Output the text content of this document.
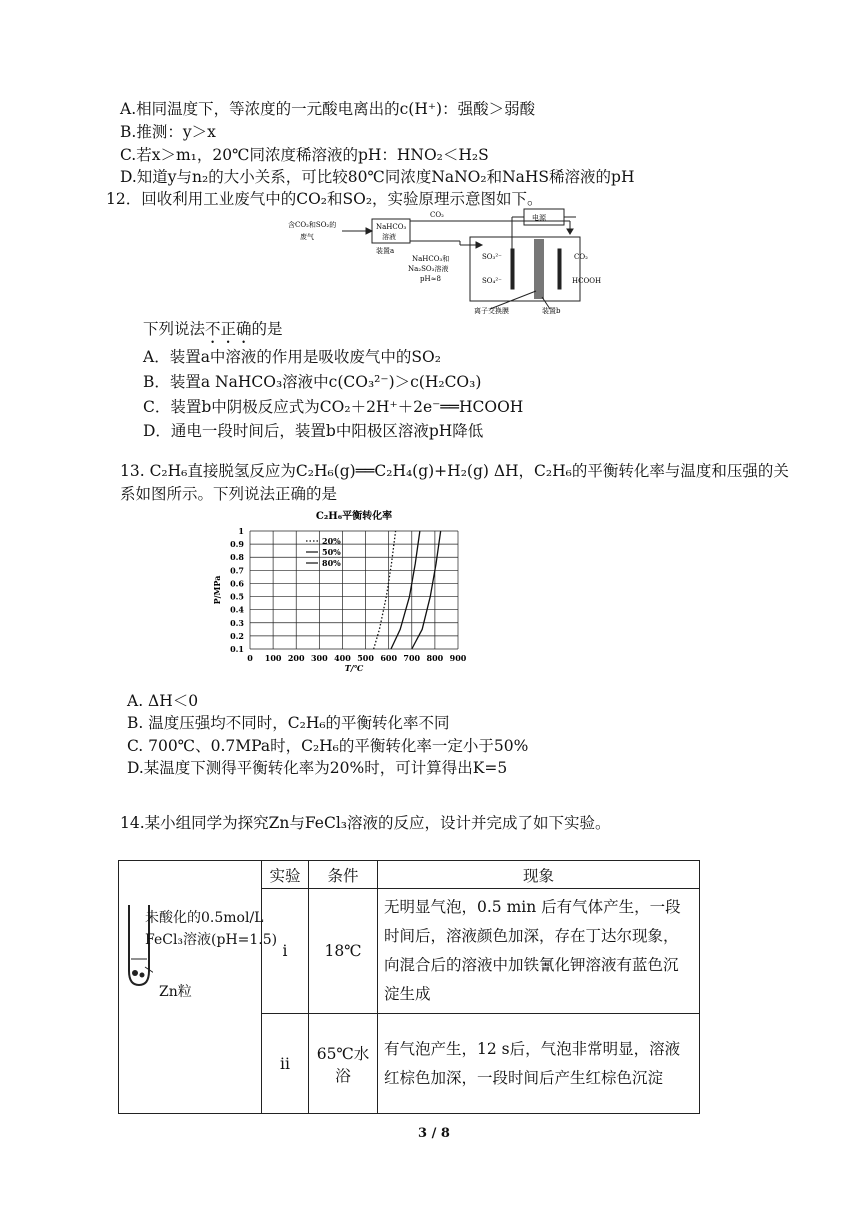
A.相同温度下，等浓度的一元酸电离出的c(H⁺)：强酸＞弱酸
B.推测：y＞x
C.若x＞m₁，20℃同浓度稀溶液的pH：HNO₂＜H₂S
D.知道y与n₂的大小关系，可比较80℃同浓度NaNO₂和NaHS稀溶液的pH
12．回收利用工业废气中的CO₂和SO₂，实验原理示意图如下。
含CO₂和SO₂的
废气
NaHCO₃
溶液
装置a
CO₂	电源
NaHCO₃和
Na₂SO₃溶液
pH≈8
SO₃²⁻
SO₄²⁻
CO₂
HCOOH
离子交换膜	装置b
下列说法不正确的是
A．装置a中溶液的作用是吸收废气中的SO₂
B．装置a NaHCO₃溶液中c(CO₃²⁻)＞c(H₂CO₃)
C．装置b中阴极反应式为CO₂＋2H⁺＋2e⁻══HCOOH
D．通电一段时间后，装置b中阳极区溶液pH降低
13. C₂H₆直接脱氢反应为C₂H₆(g)══C₂H₄(g)+H₂(g) ΔH，C₂H₆的平衡转化率与温度和压强的关
系如图所示。下列说法正确的是
C₂H₆平衡转化率
0 100 200 300 400 500 600 700 800 900
0.1
0.2
0.3
0.4
0.5
0.6
0.7
0.8
0.9
1
T/℃
P/MPa
20%
50%
80%
A. ΔH＜0
B. 温度压强均不同时，C₂H₆的平衡转化率不同
C. 700℃、0.7MPa时，C₂H₆的平衡转化率一定小于50%
D.某温度下测得平衡转化率为20%时，可计算得出K=5
14.某小组同学为探究Zn与FeCl₃溶液的反应，设计并完成了如下实验。
未酸化的0.5mol/L
FeCl₃溶液(pH=1.5)
Zn粒	实验	条件	现象
	i	18℃	无明显气泡，0.5 min 后有气体产生，一段时间后，溶液颜色加深，存在丁达尔现象，向混合后的溶液中加铁氰化钾溶液有蓝色沉淀生成
	ii	65℃水浴	有气泡产生，12 s后，气泡非常明显，溶液红棕色加深，一段时间后产生红棕色沉淀
3 / 8
